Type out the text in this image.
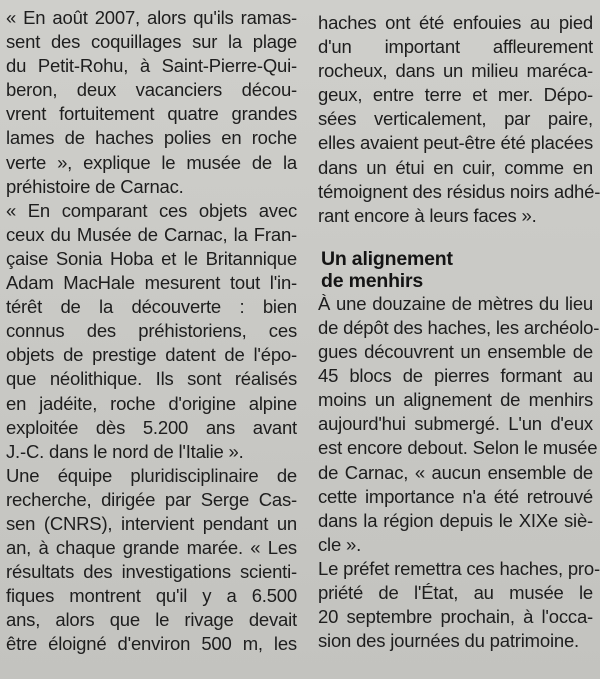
« En août 2007, alors qu'ils ramas-
sent des coquillages sur la plage
du Petit-Rohu, à Saint-Pierre-Qui-
beron, deux vacanciers décou-
vrent fortuitement quatre grandes
lames de haches polies en roche
verte », explique le musée de la
préhistoire de Carnac.

« En comparant ces objets avec
ceux du Musée de Carnac, la Fran-
çaise Sonia Hoba et le Britannique
Adam MacHale mesurent tout l'in-
térêt de la découverte : bien
connus des préhistoriens, ces
objets de prestige datent de l'épo-
que néolithique. Ils sont réalisés
en jadéite, roche d'origine alpine
exploitée dès 5.200 ans avant
J.-C. dans le nord de l'Italie ».

Une équipe pluridisciplinaire de
recherche, dirigée par Serge Cas-
sen (CNRS), intervient pendant un
an, à chaque grande marée. « Les
résultats des investigations scienti-
fiques montrent qu'il y a 6.500
ans, alors que le rivage devait
être éloigné d'environ 500 m, les

haches ont été enfouies au pied
d'un important affleurement
rocheux, dans un milieu maréca-
geux, entre terre et mer. Dépo-
sées verticalement, par paire,
elles avaient peut-être été placées
dans un étui en cuir, comme en
témoignent des résidus noirs adhé-
rant encore à leurs faces ».

Un alignement
de menhirs

À une douzaine de mètres du lieu
de dépôt des haches, les archéolo-
gues découvrent un ensemble de
45 blocs de pierres formant au
moins un alignement de menhirs
aujourd'hui submergé. L'un d'eux
est encore debout. Selon le musée
de Carnac, « aucun ensemble de
cette importance n'a été retrouvé
dans la région depuis le XIXe siè-
cle ».

Le préfet remettra ces haches, pro-
priété de l'État, au musée le
20 septembre prochain, à l'occa-
sion des journées du patrimoine.
